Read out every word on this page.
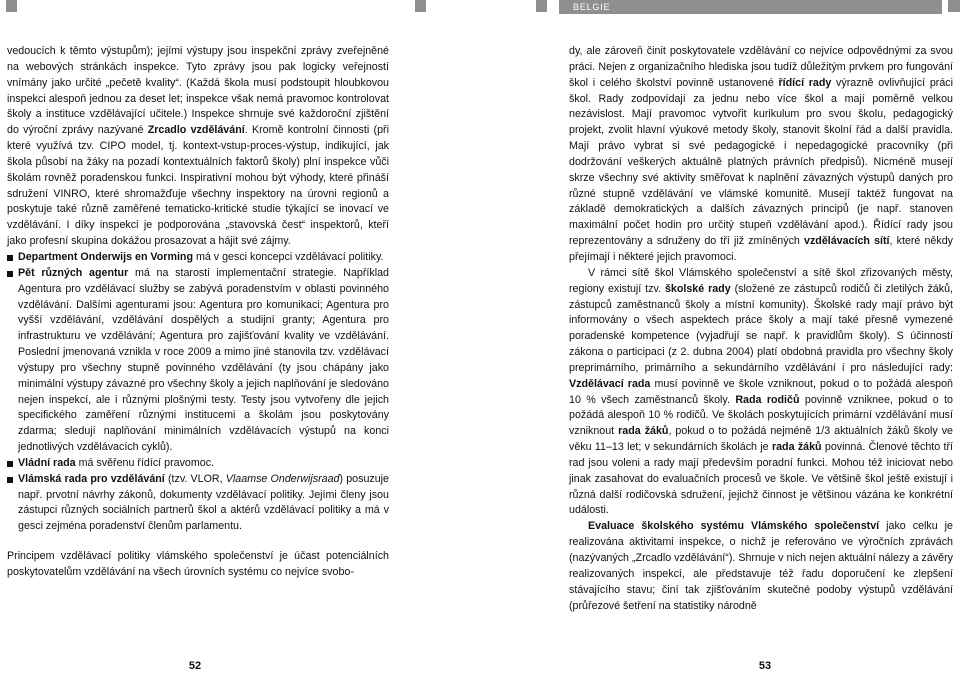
BELGIE

vedoucích k těmto výstupům); jejími výstupy jsou inspekční zprávy zveřejněné na webových stránkách inspekce. Tyto zprávy jsou pak logicky veřejností vnímány jako určité „pečetě kvality“. (Každá škola musí podstoupit hloubkovou inspekci alespoň jednou za deset let; inspekce však nemá pravomoc kontrolovat školy a instituce vzdělávající učitele.) Inspekce shrnuje své každoroční zjištění do výroční zprávy nazývané Zrcadlo vzdělávání. Kromě kontrolní činnosti (při které využívá tzv. CIPO model, tj. kontext-vstup-proces-výstup, indikující, jak škola působí na žáky na pozadí kontextuálních faktorů školy) plní inspekce vůči školám rovněž poradenskou funkci. Inspirativní mohou být výhody, které přináší sdružení VINRO, které shromažďuje všechny inspektory na úrovni regionů a poskytuje také různě zaměřené tematicko-kritické studie týkající se inovací ve vzdělávání. I díky inspekci je podporována „stavovská čest“ inspektorů, kteří jako profesní skupina dokážou prosazovat a hájit své zájmy.

Department Onderwijs en Vorming má v gesci koncepci vzdělávací politiky.

Pět různých agentur má na starosti implementační strategie. Například Agentura pro vzdělávací služby se zabývá poradenstvím v oblasti povinného vzdělávání. Dalšími agenturami jsou: Agentura pro komunikaci; Agentura pro vyšší vzdělávání, vzdělávání dospělých a studijní granty; Agentura pro infrastrukturu ve vzdělávání; Agentura pro zajišťování kvality ve vzdělávání. Poslední jmenovaná vznikla v roce 2009 a mimo jiné stanovila tzv. vzdělávací výstupy pro všechny stupně povinného vzdělávání (ty jsou chápány jako minimální výstupy závazné pro všechny školy a jejich naplňování je sledováno nejen inspekcí, ale i různými plošnými testy. Testy jsou vytvořeny dle jejich specifického zaměření různými institucemi a školám jsou poskytovány zdarma; sledují naplňování minimálních vzdělávacích výstupů na konci jednotlivých vzdělávacích cyklů).

Vládní rada má svěřenu řídící pravomoc.

Vlámská rada pro vzdělávání (tzv. VLOR, Vlaamse Onderwijsraad) posuzuje např. prvotní návrhy zákonů, dokumenty vzdělávací politiky. Jejími členy jsou zástupci různých sociálních partnerů škol a aktérů vzdělávací politiky a má v gesci zejména poradenství členům parlamentu.

Principem vzdělávací politiky vlámského společenství je účast potenciálních poskytovatelům vzdělávání na všech úrovních systému co nejvíce svobo-

dy, ale zároveň činit poskytovatele vzdělávání co nejvíce odpovědnými za svou práci. Nejen z organizačního hlediska jsou tudíž důležitým prvkem pro fungování škol i celého školství povinně ustanovené řídící rady výrazně ovlivňující práci škol. Rady zodpovídají za jednu nebo více škol a mají poměrně velkou nezávislost. Mají pravomoc vytvořit kurikulum pro svou školu, pedagogický projekt, zvolit hlavní výukové metody školy, stanovit školní řád a další pravidla. Mají právo vybrat si své pedagogické i nepedagogické pracovníky (při dodržování veškerých aktuálně platných právních předpisů). Nicméně musejí skrze všechny své aktivity směřovat k naplnění závazných výstupů daných pro různé stupně vzdělávání ve vlámské komunitě. Musejí taktéž fungovat na základě demokratických a dalších závazných principů (je např. stanoven maximální počet hodin pro určitý stupeň vzdělávání apod.). Řídící rady jsou reprezentovány a sdruženy do tří již zmíněných vzdělávacích sítí, které někdy přejímají i některé jejich pravomoci.

V rámci sítě škol Vlámského společenství a sítě škol zřizovaných městy, regiony existují tzv. školské rady (složené ze zástupců rodičů či zletilých žáků, zástupců zaměstnanců školy a místní komunity). Školské rady mají právo být informovány o všech aspektech práce školy a mají také přesně vymezené poradenské kompetence (vyjadřují se např. k pravidlům školy). S účinností zákona o participaci (z 2. dubna 2004) platí obdobná pravidla pro všechny školy preprimárního, primárního a sekundárního vzdělávání i pro následující rady: Vzdělávací rada musí povinně ve škole vzniknout, pokud o to požádá alespoň 10 % všech zaměstnanců školy. Rada rodičů povinně vzniknee, pokud o to požádá alespoň 10 % rodičů. Ve školách poskytujících primární vzdělávání musí vzniknout rada žáků, pokud o to požádá nejméně 1/3 aktuálních žáků školy ve věku 11–13 let; v sekundárních školách je rada žáků povinná. Členové těchto tří rad jsou voleni a rady mají především poradní funkci. Mohou též iniciovat nebo jinak zasahovat do evaluačních procesů ve škole. Ve většině škol ještě existují i různá další rodičovská sdružení, jejichž činnost je většinou vázána ke konkrétní události.

Evaluace školského systému Vlámského společenství jako celku je realizována aktivitami inspekce, o nichž je referováno ve výročních zprávách (nazývaných „Zrcadlo vzdělávání“). Shrnuje v nich nejen aktuální nálezy a závěry realizovaných inspekcí, ale představuje též řadu doporučení ke zlepšení stávajícího stavu; činí tak zjišťováním skutečné podoby výstupů vzdělávání (průřezové šetření na statistiky národně

52	53
